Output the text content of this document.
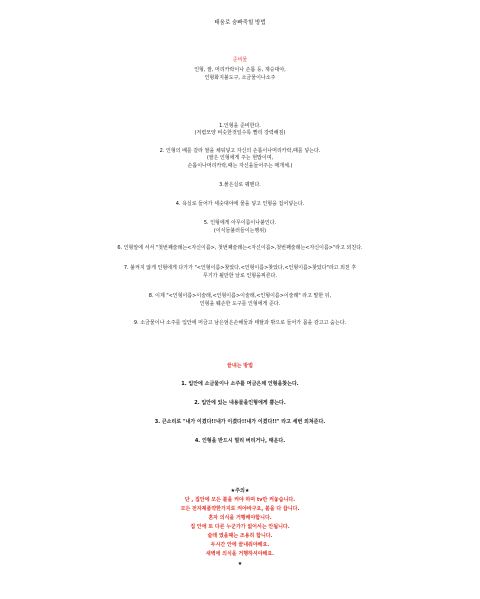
태움로 숨빠죽힐 방법
준비물
인형, 쌀, 머리카락이나 손톱 등, 재승대야,
인형화지불도구, 소금물이나소주
1.인형을 준비한다.
(저렴모양 비슷한것일수록 빨리 강력해짐)
2. 인형의 배를 갈라 쌀을 채워넣고 자신의 손톱이나머리카락,때를 넣는다.
(쌀은 인형에게 주는 현밥이며,
손톱이나머리카락,때는 자신을들어주는 매개체.)
3.붉은실로 꿰맨다.
4. 욕실로 들어가 세숫대야에 물을 넣고 인형을 집어넣는다.
5. 인형에게 아무이름이나붙인다.
(이식들불러들이는행위)
6. 인형앞에 서서 "첫번째술래는<자신이름>, 첫번째술래는<자신이름>,첫번째술래는<자신이름>"라고 외친다.
7. 불켜지 않게 인형에게 다가가 "<인형이름>찾았다,<인형이름>찾았다,<인형이름>찾았다"라고 외친 후
무기가 될만한 날로 인형을찌른다.
8. 이제 "<인형이름>이술래,<인형이름>이술래,<인형이름>이술래" 라고 말한 뒤,
인형을 훼손한 도구를 인형에게 준다.
9. 소금물이나 소주를 입안에 머금고 남은엄은손해둘과 태탈과 밖으로 들어가 몸을 감고고 숨는다.
끝내는 방법
1. 입안에 소금물이나 소주를 머금은채 인형을찾는다.
2. 입안에 있는 내용물을인형에게 뿜는다.
3. 큰소리로 "내가 이겼다!!내가 이겼다!!내가 이겼다!!" 라고 세번 외쳐준다.
4. 인형을 반드시 멀리 버리거나, 태운다.
★주의★
단 , 집안에 모든 불을 켜야 하며 tv만 켜놓습니다.
모든 전자제품약한가지로 켜야바구요, 불을 다 끕니다.
혼자 의식을 거행해야합니다.
집 안에 또 다른 누군가가 없어서는 안됩니다.
술래 였을때는 조용히 합니다.
두시간 안에 끝내줘야해요.
새벽에 의식을 거행하셔야해요.
★
